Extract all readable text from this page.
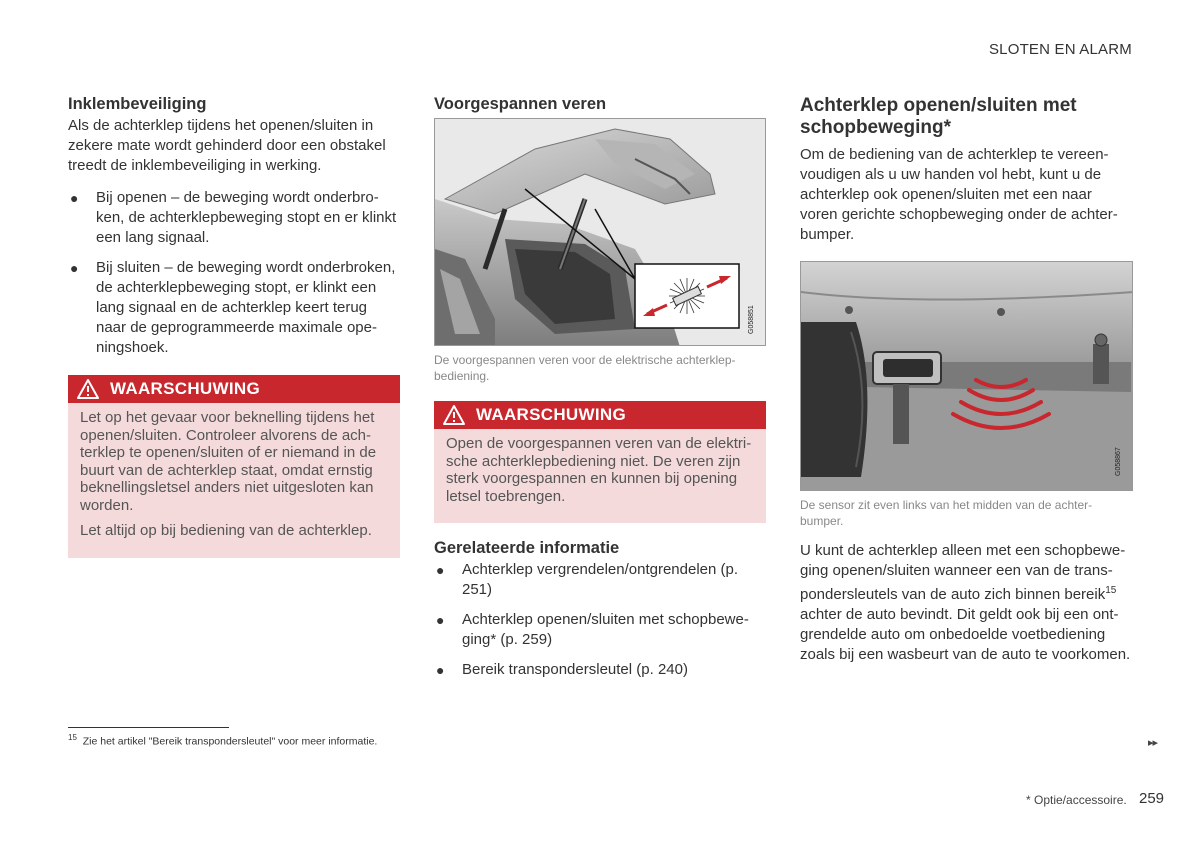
SLOTEN EN ALARM
Inklembeveiliging

Als de achterklep tijdens het openen/sluiten in zekere mate wordt gehinderd door een obstakel treedt de inklembeveiliging in werking.

● Bij openen – de beweging wordt onderbro-ken, de achterklepbeweging stopt en er klinkt een lang signaal.
● Bij sluiten – de beweging wordt onderbroken, de achterklepbeweging stopt, er klinkt een lang signaal en de achterklep keert terug naar de geprogrammeerde maximale ope-ningshoek.
WAARSCHUWING

Let op het gevaar voor beknelling tijdens het openen/sluiten. Controleer alvorens de ach-terklep te openen/sluiten of er niemand in de buurt van de achterklep staat, omdat ernstig beknellingsletsel anders niet uitgesloten kan worden.

Let altijd op bij bediening van de achterklep.

Voorgespannen veren
G058851

De voorgespannen veren voor de elektrische achterklep-bediening.

WAARSCHUWING

Open de voorgespannen veren van de elektri-sche achterklepbediening niet. De veren zijn sterk voorgespannen en kunnen bij opening letsel toebrengen.

Gerelateerde informatie
● Achterklep vergrendelen/ontgrendelen (p. 251)
● Achterklep openen/sluiten met schopbewe-ging* (p. 259)
● Bereik transpondersleutel (p. 240)
Achterklep openen/sluiten met schopbeweging*

Om de bediening van de achterklep te vereen-voudigen als u uw handen vol hebt, kunt u de achterklep ook openen/sluiten met een naar voren gerichte schopbeweging onder de achter-bumper.

G058867

De sensor zit even links van het midden van de achter-bumper.

U kunt de achterklep alleen met een schopbewe-ging openen/sluiten wanneer een van de trans-pondersleutels van de auto zich binnen bereik$^{15}$ achter de auto bevindt. Dit geldt ook bij een ont-grendelde auto om onbedoelde voetbediening zoals bij een wasbeurt van de auto te voorkomen.

$^{15}$ Zie het artikel "Bereik transpondersleutel" voor meer informatie.	▸▸
* Optie/accessoire. 259
